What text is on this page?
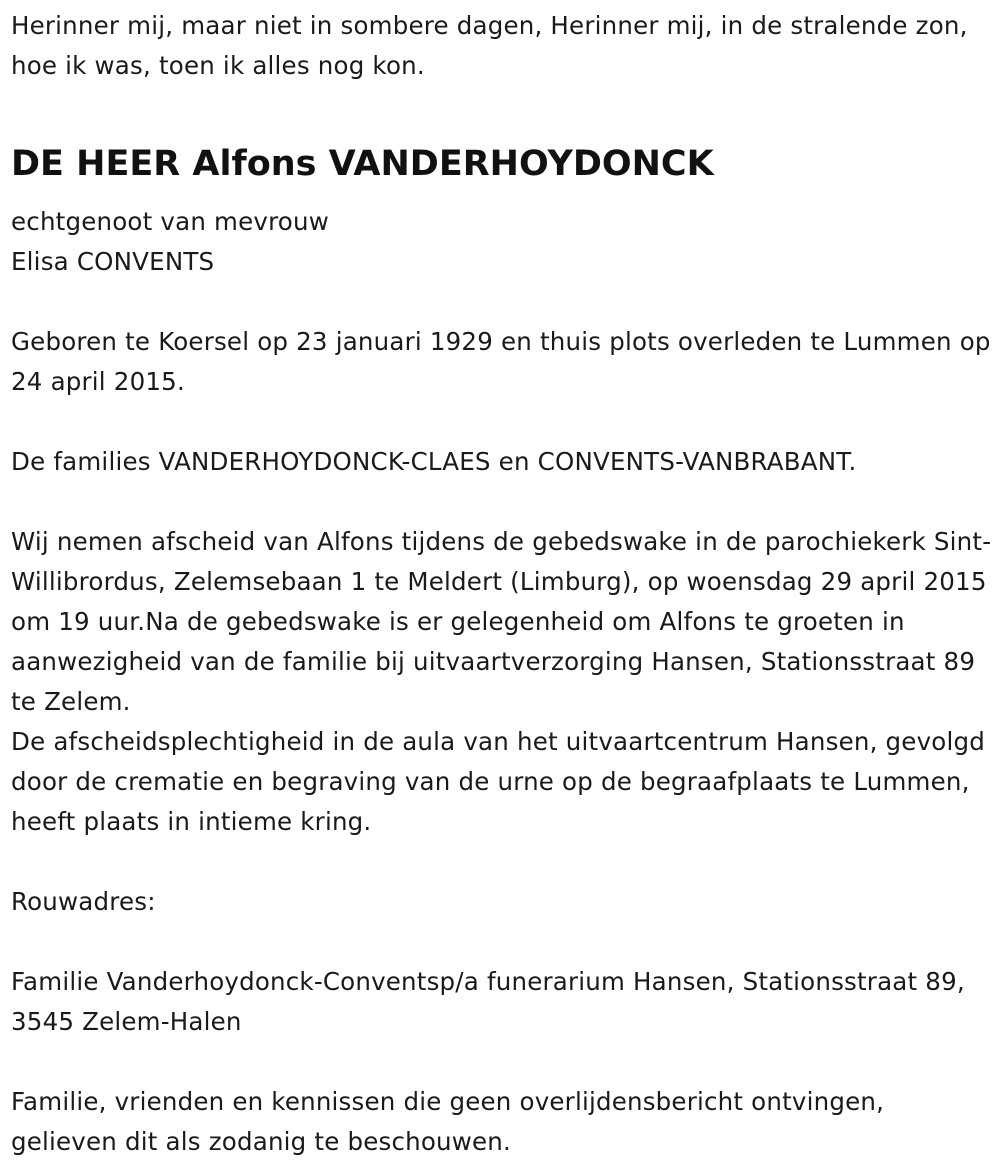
Herinner mij, maar niet in sombere dagen, Herinner mij, in de stralende zon, hoe ik was, toen ik alles nog kon.

DE HEER Alfons VANDERHOYDONCK

echtgenoot van mevrouw

Elisa CONVENTS

Geboren te Koersel op 23 januari 1929 en thuis plots overleden te Lummen op 24 april 2015.

De families VANDERHOYDONCK-CLAES en CONVENTS-VANBRABANT.

Wij nemen afscheid van Alfons tijdens de gebedswake in de parochiekerk Sint-Willibrordus, Zelemsebaan 1 te Meldert (Limburg), op woensdag 29 april 2015 om 19 uur.Na de gebedswake is er gelegenheid om Alfons te groeten in aanwezigheid van de familie bij uitvaartverzorging Hansen, Stationsstraat 89 te Zelem.

De afscheidsplechtigheid in de aula van het uitvaartcentrum Hansen, gevolgd door de crematie en begraving van de urne op de begraafplaats te Lummen, heeft plaats in intieme kring.

Rouwadres:

Familie Vanderhoydonck-Conventsp/a funerarium Hansen, Stationsstraat 89, 3545 Zelem-Halen

Familie, vrienden en kennissen die geen overlijdensbericht ontvingen, gelieven dit als zodanig te beschouwen.
